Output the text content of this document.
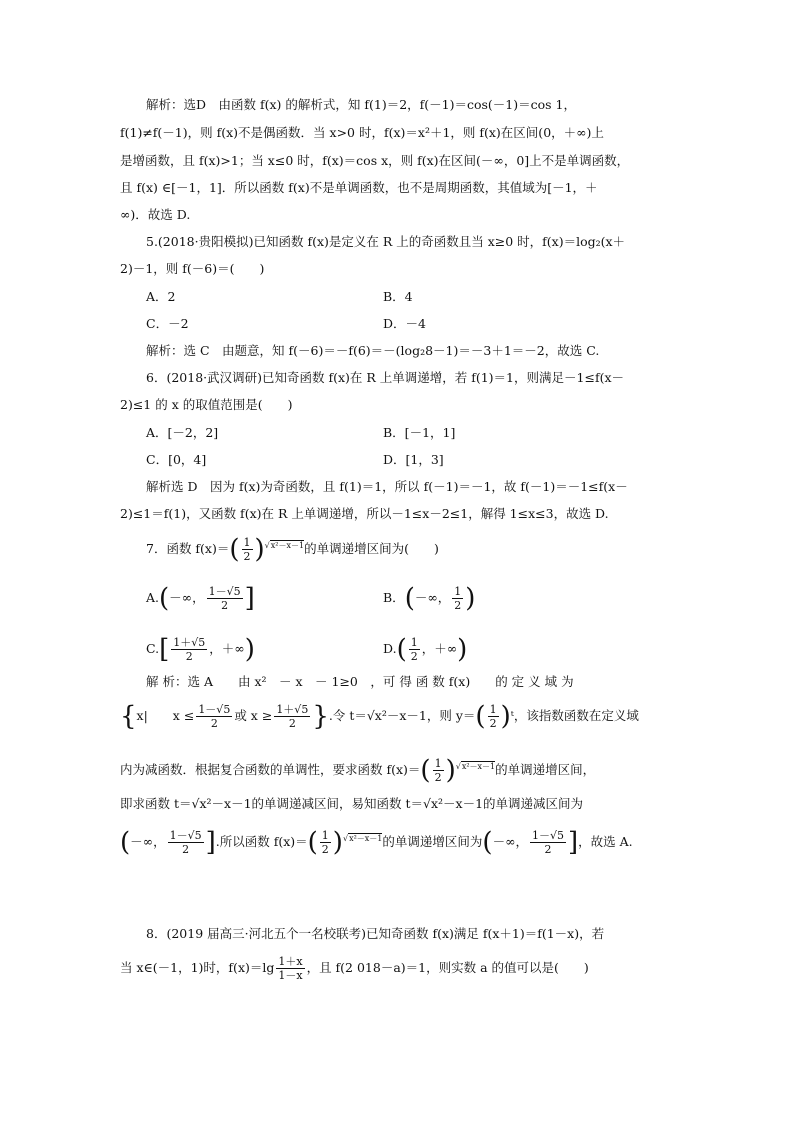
解析：选D　由函数 f(x) 的解析式，知 f(1)＝2，f(－1)＝cos(－1)＝cos 1，
f(1)≠f(－1)，则 f(x)不是偶函数．当 x>0 时，f(x)＝x²＋1，则 f(x)在区间(0，＋∞)上
是增函数，且 f(x)>1；当 x≤0 时，f(x)＝cos x，则 f(x)在区间(－∞，0]上不是单调函数，
且 f(x) ∈[－1，1]．所以函数 f(x)不是单调函数，也不是周期函数，其值域为[－1，＋
∞)．故选 D.
5.(2018·贵阳模拟)已知函数 f(x)是定义在 R 上的奇函数且当 x≥0 时，f(x)＝log₂(x＋
2)－1，则 f(－6)＝(　　)
A．2	B．4
C．－2	D．－4
解析：选 C　由题意，知 f(－6)＝－f(6)＝－(log₂8－1)＝－3＋1＝－2，故选 C.
6．(2018·武汉调研)已知奇函数 f(x)在 R 上单调递增，若 f(1)＝1，则满足－1≤f(x－
2)≤1 的 x 的取值范围是(　　)
A．[－2，2]	B．[－1，1]
C．[0，4]	D．[1，3]
解析选 D　因为 f(x)为奇函数，且 f(1)＝1，所以 f(－1)＝－1，故 f(－1)＝－1≤f(x－
2)≤1＝f(1)，又函数 f(x)在 R 上单调递增，所以－1≤x－2≤1，解得 1≤x≤3，故选 D.
7．函数 $f(x)=( \frac{1}{2} )^{√x^2-x-1}$的单调递增区间为(　　)
A.(－∞， $\frac{1-√5}{2}$ ]	B．(－∞， $\frac{1}{2}$ )
$C.[ \frac{1+√5}{2}$ ，＋∞)	$D.( \frac{1}{2}$ ，＋∞)
解 析：选 A　　由 x²　－ x　－ 1≥0　，可 得 函 数 f(x)　　的 定 义 域 为
{x|　　$x \le \frac{1-√5}{2}$ 或 $x \ge \frac{1+√5}{2}$ }.令 t＝√x²－x－1，则 $y=( \frac{1}{2}$ )ᵗ，该指数函数在定义域
内为减函数．根据复合函数的单调性，要求函数 $f(x)=( \frac{1}{2} )^{√x^2-x-1}$的单调递增区间，
即求函数 t＝√x²－x－1的单调递减区间，易知函数 t＝√x²－x－1的单调递减区间为
(－∞， $\frac{1-√5}{2}$ ].所以函数 $f(x)=( \frac{1}{2} )^{√x^2-x-1}$的单调递增区间为(－∞， $\frac{1-√5}{2}$ ]，故选 A.
8．(2019 届高三·河北五个一名校联考)已知奇函数 f(x)满足 f(x＋1)＝f(1－x)，若
当 x∈(－1，1)时，$f(x)=\lg \frac{1+x}{1-x}$ ，且 f(2 018－a)＝1，则实数 a 的值可以是(　　)
